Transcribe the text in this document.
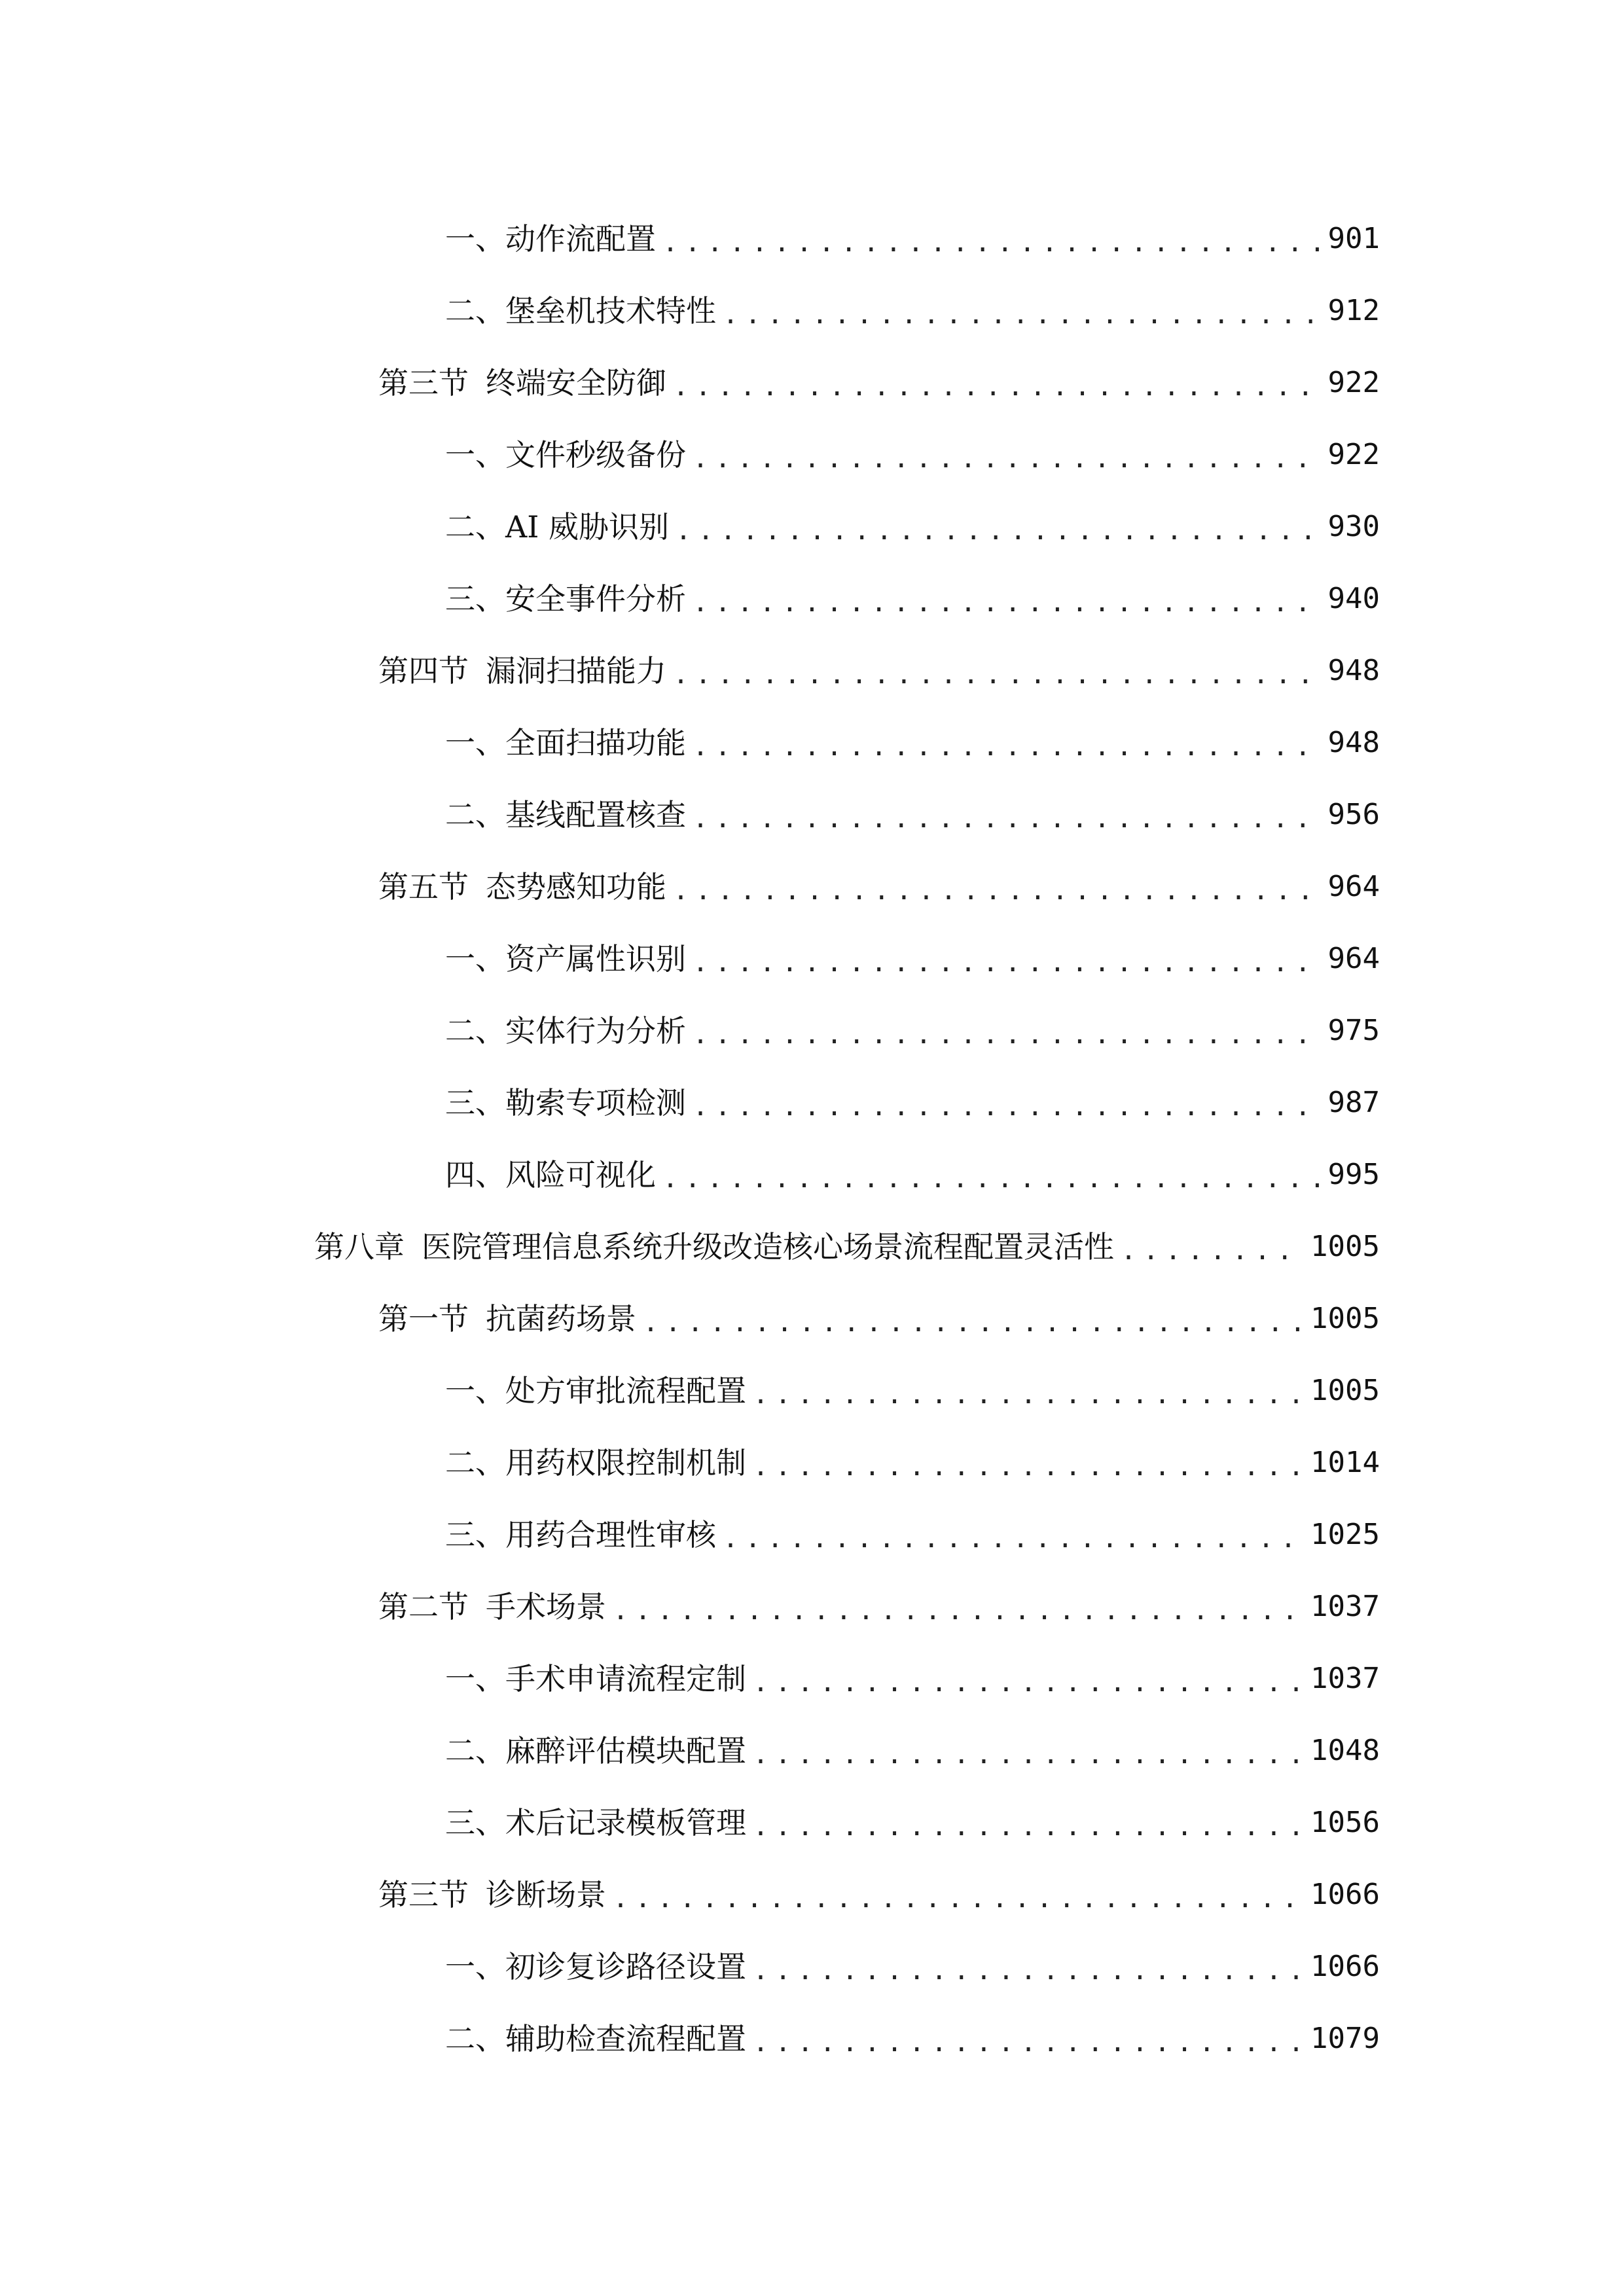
一、 动作流配置 .....	901
二、 堡垒机技术特性 .....	912
第三节 终端安全防御 .....	922
一、 文件秒级备份 .....	922
二、 AI 威胁识别 .....	930
三、 安全事件分析 .....	940
第四节 漏洞扫描能力 .....	948
一、 全面扫描功能 .....	948
二、 基线配置核查 .....	956
第五节 态势感知功能 .....	964
一、 资产属性识别 .....	964
二、 实体行为分析 .....	975
三、 勒索专项检测 .....	987
四、 风险可视化 .....	995
第八章 医院管理信息系统升级改造核心场景流程配置灵活性 .....	1005
第一节 抗菌药场景 .....	1005
一、 处方审批流程配置 .....	1005
二、 用药权限控制机制 .....	1014
三、 用药合理性审核 .....	1025
第二节 手术场景 .....	1037
一、 手术申请流程定制 .....	1037
二、 麻醉评估模块配置 .....	1048
三、 术后记录模板管理 .....	1056
第三节 诊断场景 .....	1066
一、 初诊复诊路径设置 .....	1066
二、 辅助检查流程配置 .....	1079
